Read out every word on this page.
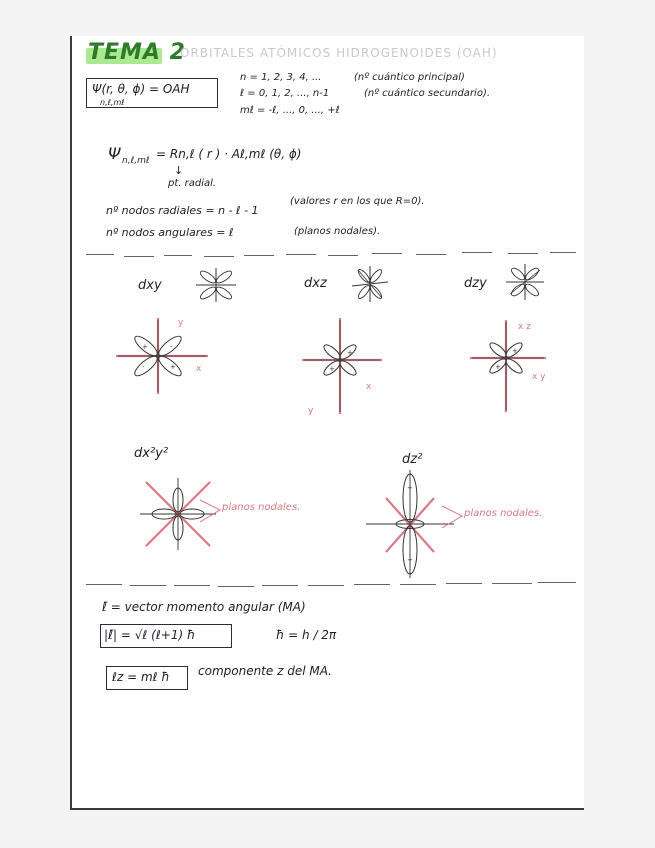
TEMA 2
ORBITALES ATÓMICOS HIDROGENOIDES (OAH)
Ψ(r, θ, ϕ) = OAH
n,ℓ,mℓ
n = 1, 2, 3, 4, ...	(nº cuántico principal)
ℓ = 0, 1, 2, ..., n-1	(nº cuántico secundario).
mℓ = -ℓ, ..., 0, ..., +ℓ
Ψ n,ℓ,mℓ = Rn,ℓ ( r ) · Aℓ,mℓ (θ, ϕ)
↓
pt. radial.
nº nodos radiales = n - ℓ - 1
(valores r en los que R=0).
nº nodos angulares = ℓ	(planos nodales).
dxy	dxz	dzy
+
+
-
-
y
x
+
+
y
x
+
+
x z
x y
dx²y²
planos nodales.
dz²
+
+
planos nodales.
ℓ̄ = vector momento angular (MA)
|ℓ̄| = √ℓ (ℓ+1) ħ	ħ = h / 2π
ℓz = mℓ ħ componente z del MA.
